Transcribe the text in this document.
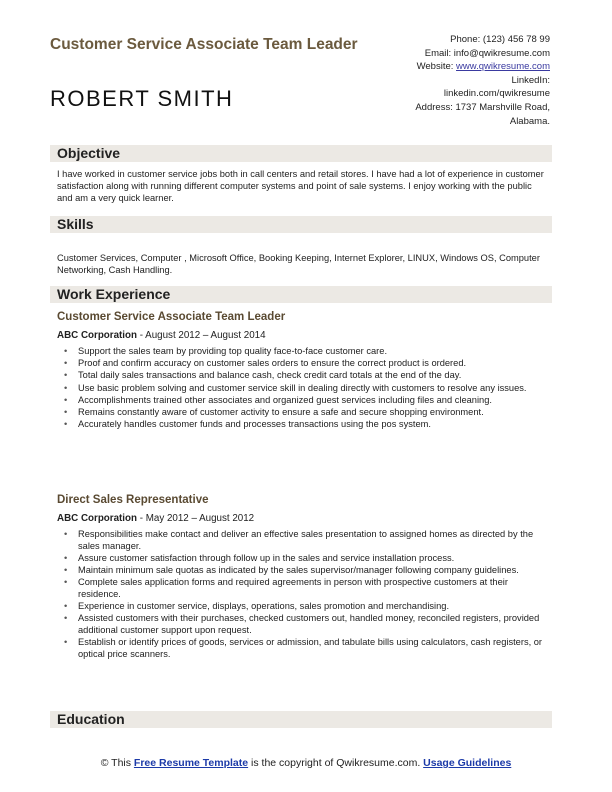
Customer Service Associate Team Leader
ROBERT SMITH
Phone: (123) 456 78 99
Email: info@qwikresume.com
Website: www.qwikresume.com
LinkedIn:
linkedin.com/qwikresume
Address: 1737 Marshville Road,
Alabama.
Objective
I have worked in customer service jobs both in call centers and retail stores. I have had a lot of experience in customer satisfaction along with running different computer systems and point of sale systems. I enjoy working with the public and am a very quick learner.
Skills
Customer Services, Computer , Microsoft Office, Booking Keeping, Internet Explorer, LINUX, Windows OS, Computer Networking, Cash Handling.
Work Experience
Customer Service Associate Team Leader
ABC Corporation - August 2012 – August 2014
• Support the sales team by providing top quality face-to-face customer care.
• Proof and confirm accuracy on customer sales orders to ensure the correct product is ordered.
• Total daily sales transactions and balance cash, check credit card totals at the end of the day.
• Use basic problem solving and customer service skill in dealing directly with customers to resolve any issues.
• Accomplishments trained other associates and organized guest services including files and cleaning.
• Remains constantly aware of customer activity to ensure a safe and secure shopping environment.
• Accurately handles customer funds and processes transactions using the pos system.
Direct Sales Representative
ABC Corporation - May 2012 – August 2012
• Responsibilities make contact and deliver an effective sales presentation to assigned homes as directed by the sales manager.
• Assure customer satisfaction through follow up in the sales and service installation process.
• Maintain minimum sale quotas as indicated by the sales supervisor/manager following company guidelines.
• Complete sales application forms and required agreements in person with prospective customers at their residence.
• Experience in customer service, displays, operations, sales promotion and merchandising.
• Assisted customers with their purchases, checked customers out, handled money, reconciled registers, provided additional customer support upon request.
• Establish or identify prices of goods, services or admission, and tabulate bills using calculators, cash registers, or optical price scanners.
Education
© This Free Resume Template is the copyright of Qwikresume.com. Usage Guidelines
